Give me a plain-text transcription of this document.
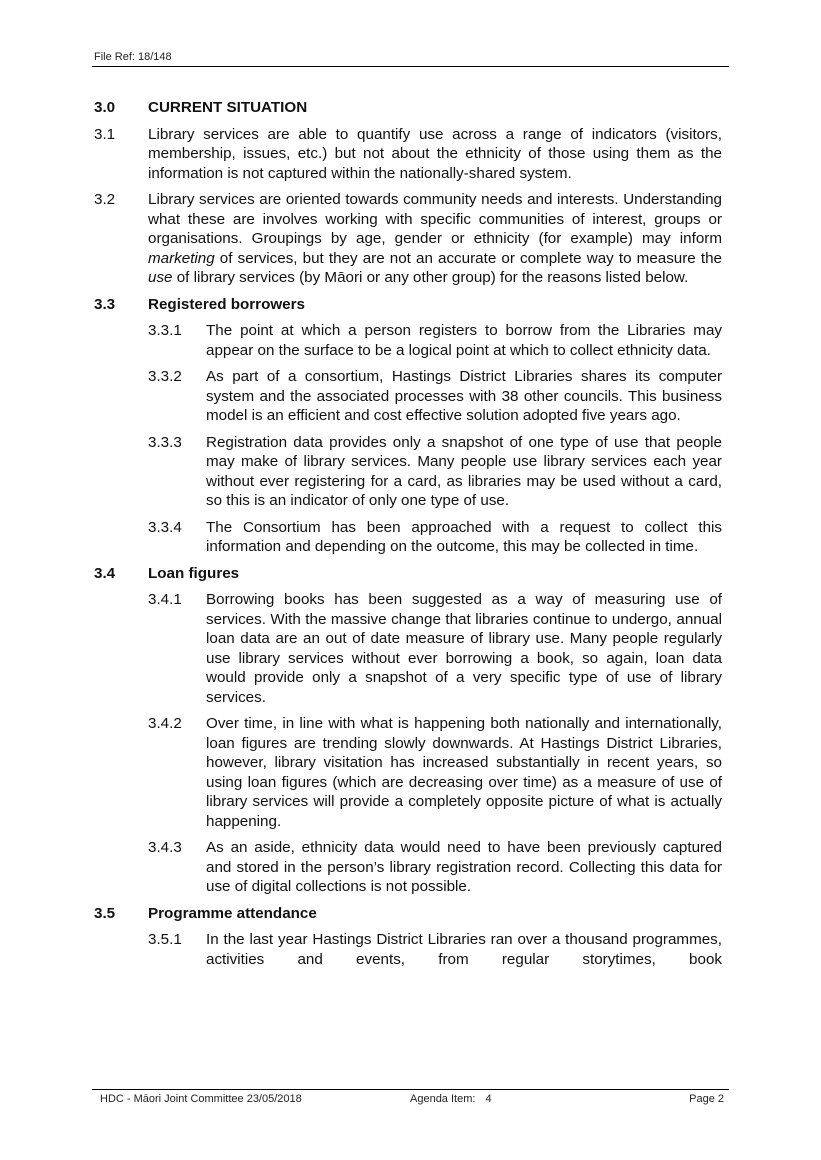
File Ref: 18/148
3.0	CURRENT SITUATION
3.1	Library services are able to quantify use across a range of indicators (visitors, membership, issues, etc.) but not about the ethnicity of those using them as the information is not captured within the nationally-shared system.
3.2	Library services are oriented towards community needs and interests. Understanding what these are involves working with specific communities of interest, groups or organisations. Groupings by age, gender or ethnicity (for example) may inform marketing of services, but they are not an accurate or complete way to measure the use of library services (by Māori or any other group) for the reasons listed below.
3.3	Registered borrowers
3.3.1	The point at which a person registers to borrow from the Libraries may appear on the surface to be a logical point at which to collect ethnicity data.
3.3.2	As part of a consortium, Hastings District Libraries shares its computer system and the associated processes with 38 other councils. This business model is an efficient and cost effective solution adopted five years ago.
3.3.3	Registration data provides only a snapshot of one type of use that people may make of library services. Many people use library services each year without ever registering for a card, as libraries may be used without a card, so this is an indicator of only one type of use.
3.3.4	The Consortium has been approached with a request to collect this information and depending on the outcome, this may be collected in time.
3.4	Loan figures
3.4.1	Borrowing books has been suggested as a way of measuring use of services. With the massive change that libraries continue to undergo, annual loan data are an out of date measure of library use. Many people regularly use library services without ever borrowing a book, so again, loan data would provide only a snapshot of a very specific type of use of library services.
3.4.2	Over time, in line with what is happening both nationally and internationally, loan figures are trending slowly downwards. At Hastings District Libraries, however, library visitation has increased substantially in recent years, so using loan figures (which are decreasing over time) as a measure of use of library services will provide a completely opposite picture of what is actually happening.
3.4.3	As an aside, ethnicity data would need to have been previously captured and stored in the person’s library registration record. Collecting this data for use of digital collections is not possible.
3.5	Programme attendance
3.5.1	In the last year Hastings District Libraries ran over a thousand programmes, activities and events, from regular storytimes, book
HDC - Māori Joint Committee 23/05/2018	Agenda Item: 4	Page 2
